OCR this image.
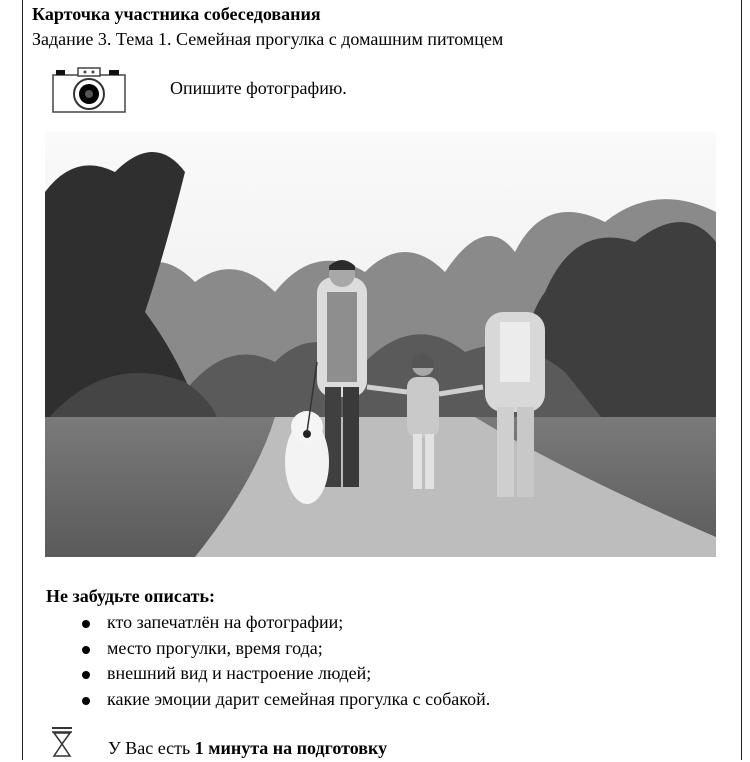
Карточка участника собеседования
Задание 3. Тема 1. Семейная прогулка с домашним питомцем
Опишите фотографию.
Не забудьте описать:
кто запечатлён на фотографии;
место прогулки, время года;
внешний вид и настроение людей;
какие эмоции дарит семейная прогулка с собакой.
У Вас есть 1 минута на подготовку
